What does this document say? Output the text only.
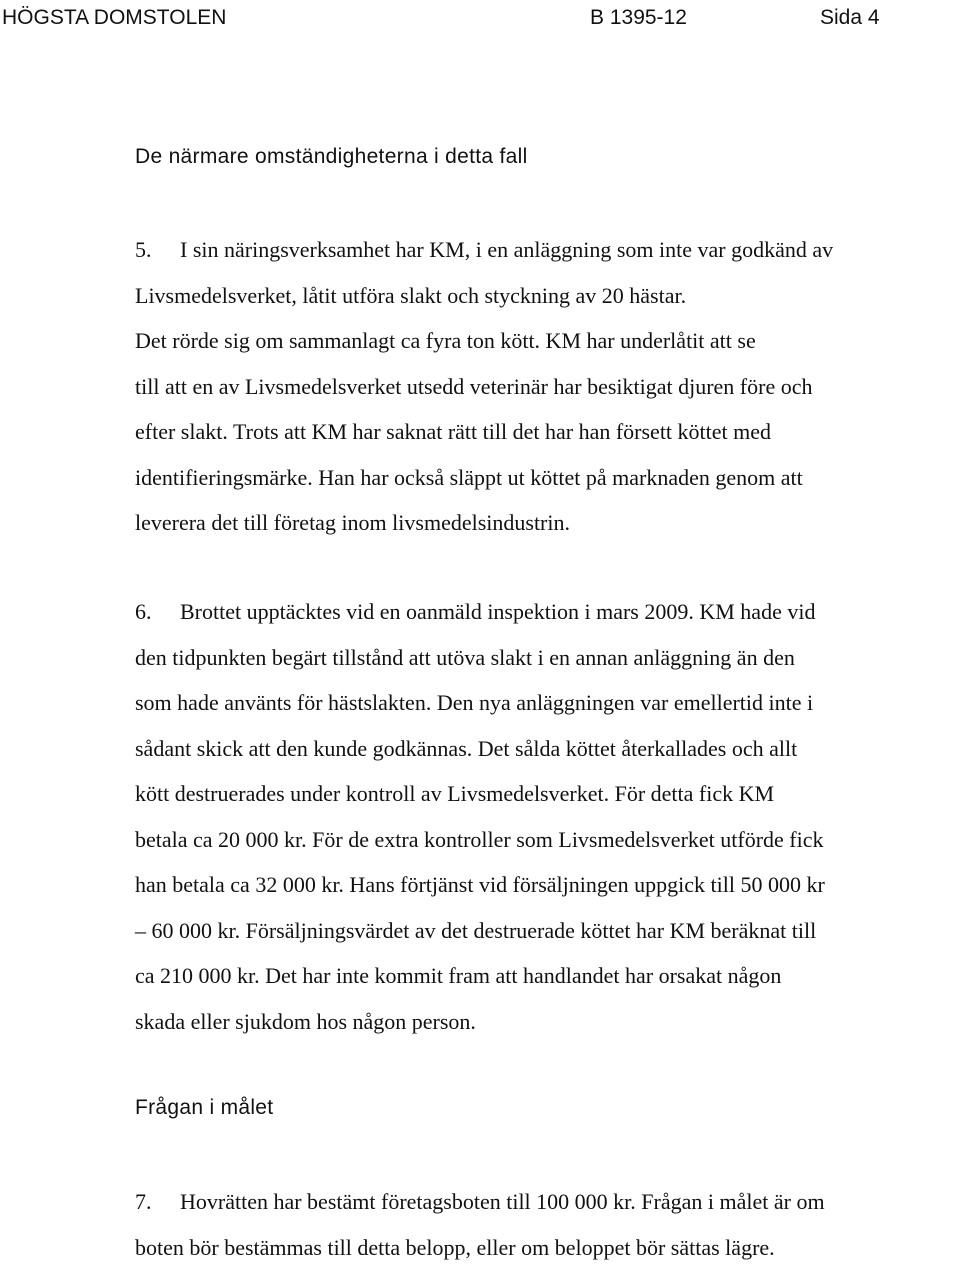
HÖGSTA DOMSTOLEN	B 1395-12	Sida 4
De närmare omständigheterna i detta fall

5. I sin näringsverksamhet har KM, i en anläggning som inte var godkänd av
Livsmedelsverket, låtit utföra slakt och styckning av 20 hästar.
Det rörde sig om sammanlagt ca fyra ton kött. KM har underlåtit att se
till att en av Livsmedelsverket utsedd veterinär har besiktigat djuren före och
efter slakt. Trots att KM har saknat rätt till det har han försett köttet med
identifieringsmärke. Han har också släppt ut köttet på marknaden genom att
leverera det till företag inom livsmedelsindustrin.

6. Brottet upptäcktes vid en oanmäld inspektion i mars 2009. KM hade vid
den tidpunkten begärt tillstånd att utöva slakt i en annan anläggning än den
som hade använts för hästslakten. Den nya anläggningen var emellertid inte i
sådant skick att den kunde godkännas. Det sålda köttet återkallades och allt
kött destruerades under kontroll av Livsmedelsverket. För detta fick KM
betala ca 20 000 kr. För de extra kontroller som Livsmedelsverket utförde fick
han betala ca 32 000 kr. Hans förtjänst vid försäljningen uppgick till 50 000 kr
– 60 000 kr. Försäljningsvärdet av det destruerade köttet har KM beräknat till
ca 210 000 kr. Det har inte kommit fram att handlandet har orsakat någon
skada eller sjukdom hos någon person.

Frågan i målet

7. Hovrätten har bestämt företagsboten till 100 000 kr. Frågan i målet är om
boten bör bestämmas till detta belopp, eller om beloppet bör sättas lägre.
